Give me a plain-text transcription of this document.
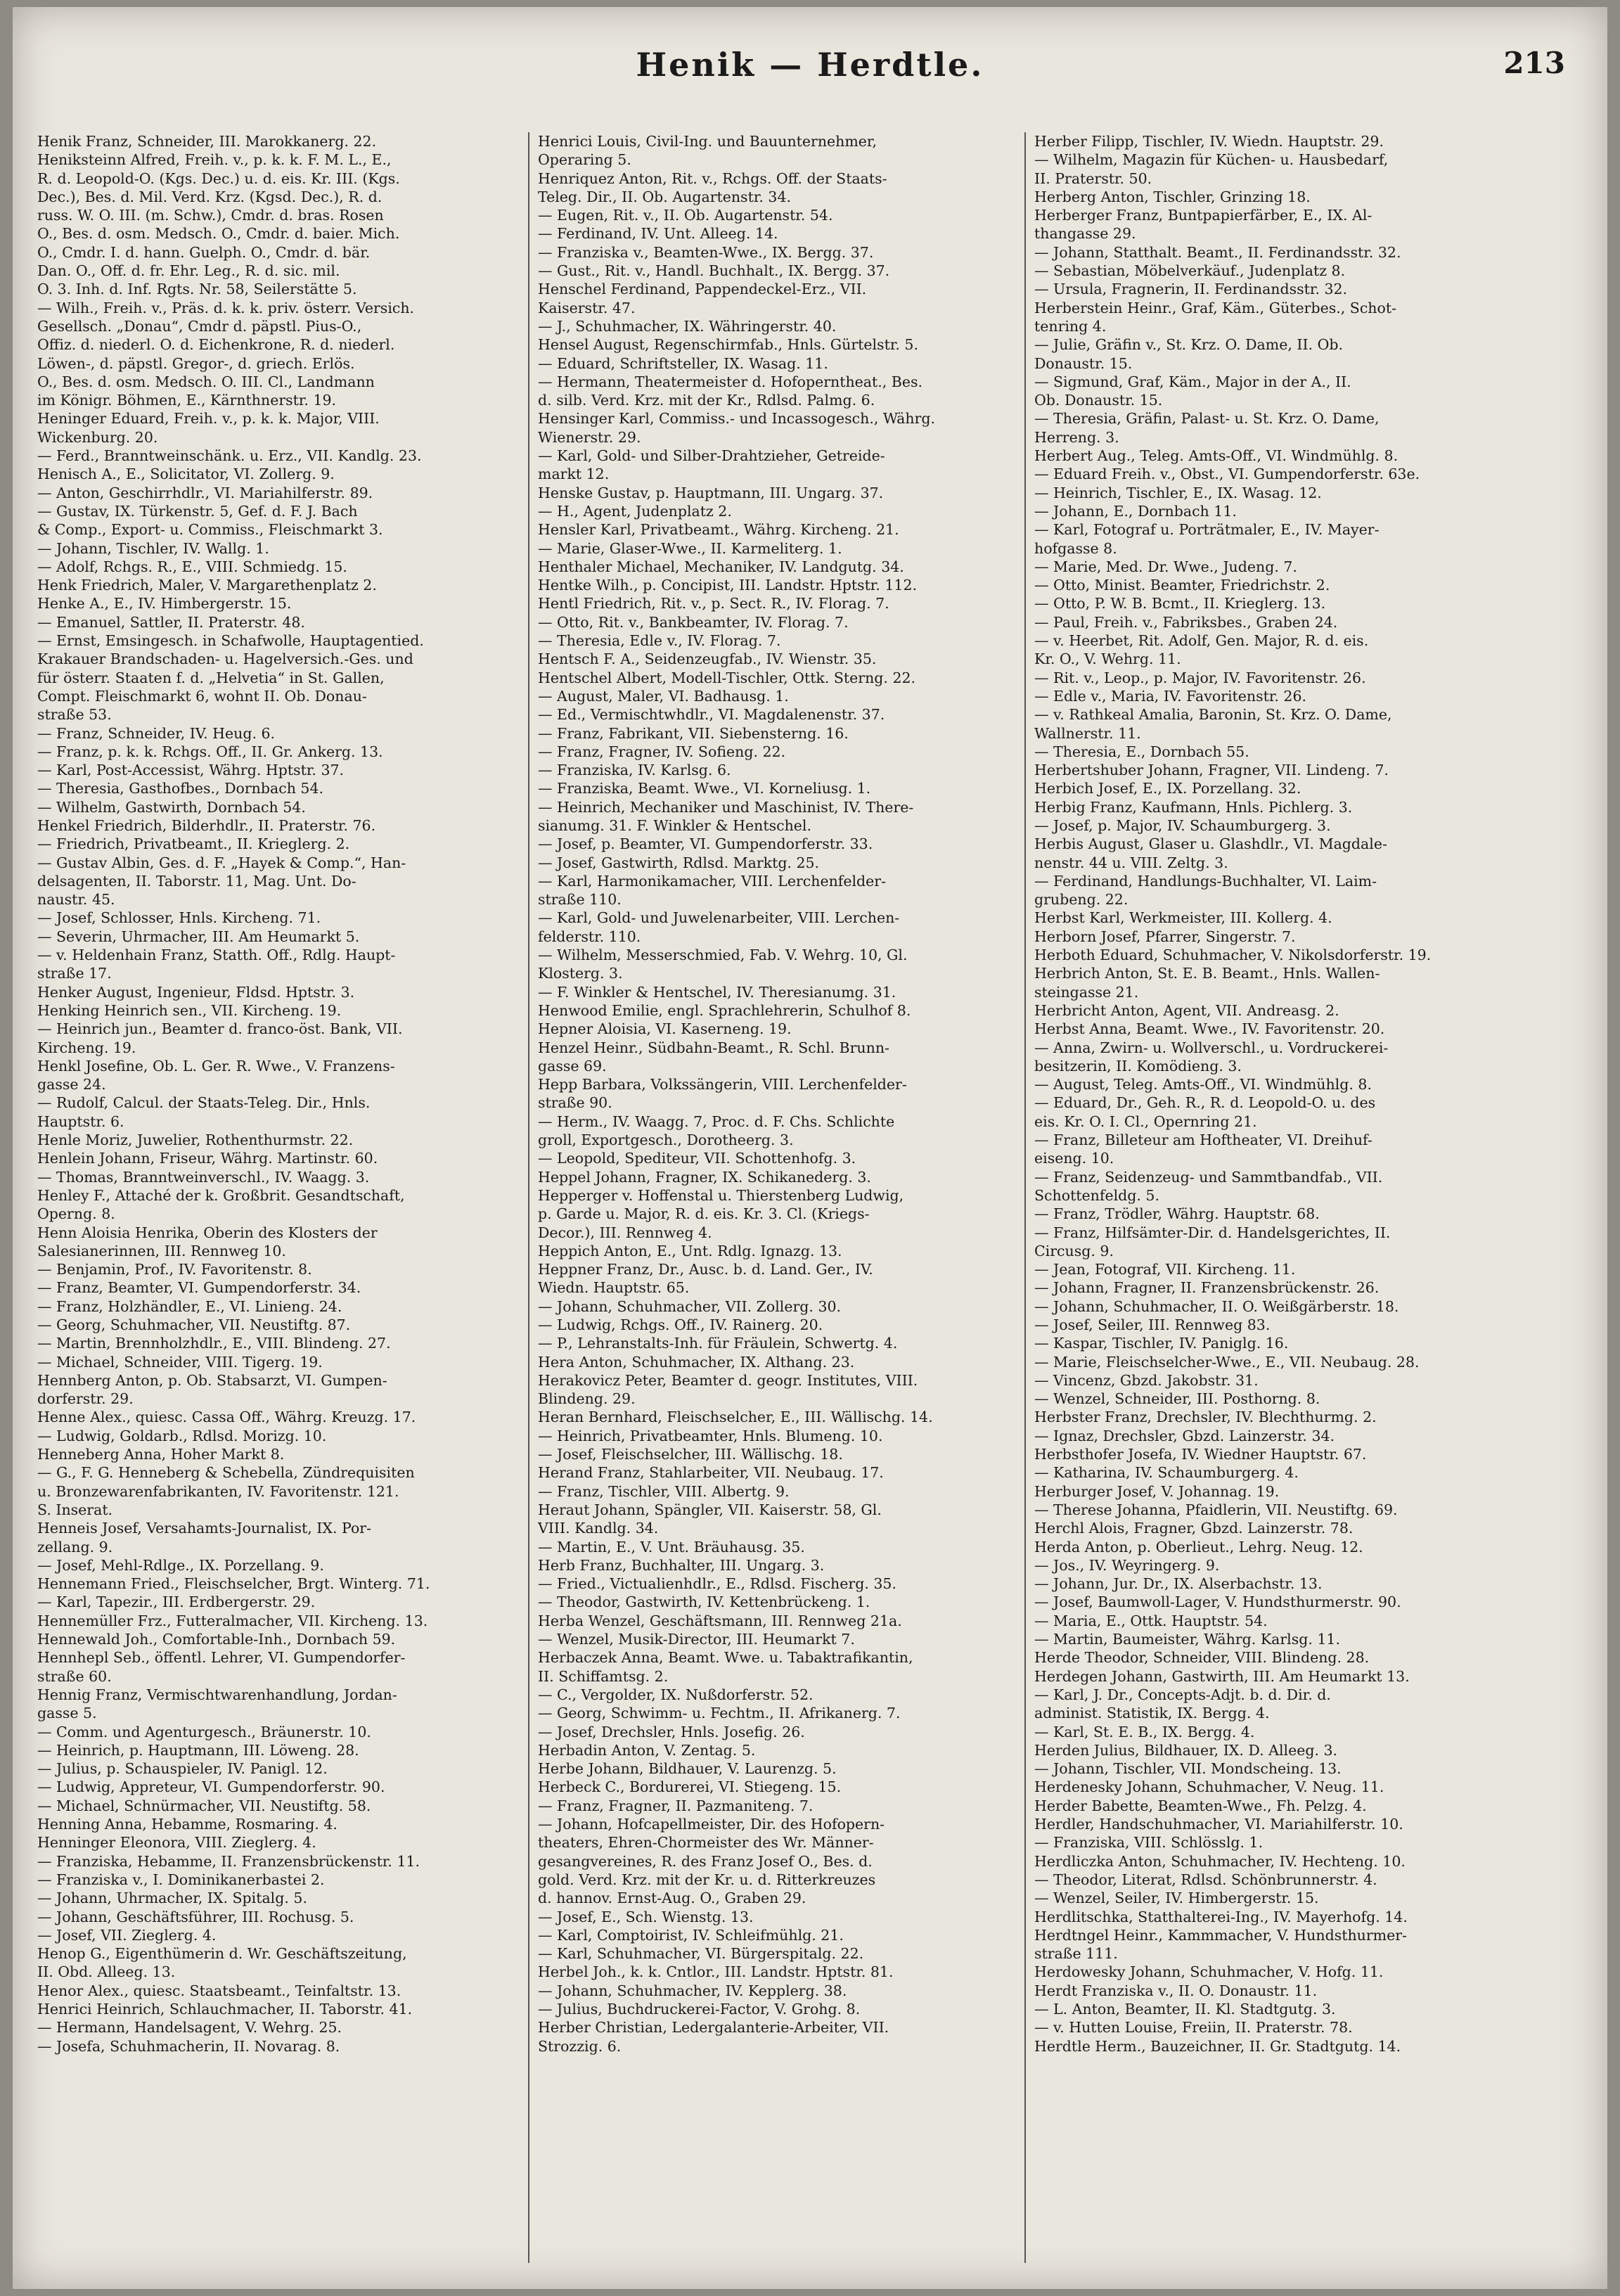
Henik — Herdtle.	213
Henik Franz, Schneider, III. Marokkanerg. 22.
Heniksteinn Alfred, Freih. v., p. k. k. F. M. L., E.,
R. d. Leopold-O. (Kgs. Dec.) u. d. eis. Kr. III. (Kgs.
Dec.), Bes. d. Mil. Verd. Krz. (Kgsd. Dec.), R. d.
russ. W. O. III. (m. Schw.), Cmdr. d. bras. Rosen
O., Bes. d. osm. Medsch. O., Cmdr. d. baier. Mich.
O., Cmdr. I. d. hann. Guelph. O., Cmdr. d. bär.
Dan. O., Off. d. fr. Ehr. Leg., R. d. sic. mil.
O. 3. Inh. d. Inf. Rgts. Nr. 58, Seilerstätte 5.
— Wilh., Freih. v., Präs. d. k. k. priv. österr. Versich.
Gesellsch. „Donau“, Cmdr d. päpstl. Pius-O.,
Offiz. d. niederl. O. d. Eichenkrone, R. d. niederl.
Löwen-, d. päpstl. Gregor-, d. griech. Erlös.
O., Bes. d. osm. Medsch. O. III. Cl., Landmann
im Königr. Böhmen, E., Kärnthnerstr. 19.
Heninger Eduard, Freih. v., p. k. k. Major, VIII.
Wickenburg. 20.
— Ferd., Branntweinschänk. u. Erz., VII. Kandlg. 23.
Henisch A., E., Solicitator, VI. Zollerg. 9.
— Anton, Geschirrhdlr., VI. Mariahilferstr. 89.
— Gustav, IX. Türkenstr. 5, Gef. d. F. J. Bach
& Comp., Export- u. Commiss., Fleischmarkt 3.
— Johann, Tischler, IV. Wallg. 1.
— Adolf, Rchgs. R., E., VIII. Schmiedg. 15.
Henk Friedrich, Maler, V. Margarethenplatz 2.
Henke A., E., IV. Himbergerstr. 15.
— Emanuel, Sattler, II. Praterstr. 48.
— Ernst, Emsingesch. in Schafwolle, Hauptagentied.
Krakauer Brandschaden- u. Hagelversich.-Ges. und
für österr. Staaten f. d. „Helvetia“ in St. Gallen,
Compt. Fleischmarkt 6, wohnt II. Ob. Donau-
straße 53.
— Franz, Schneider, IV. Heug. 6.
— Franz, p. k. k. Rchgs. Off., II. Gr. Ankerg. 13.
— Karl, Post-Accessist, Währg. Hptstr. 37.
— Theresia, Gasthofbes., Dornbach 54.
— Wilhelm, Gastwirth, Dornbach 54.
Henkel Friedrich, Bilderhdlr., II. Praterstr. 76.
— Friedrich, Privatbeamt., II. Krieglerg. 2.
— Gustav Albin, Ges. d. F. „Hayek & Comp.“, Han-
delsagenten, II. Taborstr. 11, Mag. Unt. Do-
naustr. 45.
— Josef, Schlosser, Hnls. Kircheng. 71.
— Severin, Uhrmacher, III. Am Heumarkt 5.
— v. Heldenhain Franz, Statth. Off., Rdlg. Haupt-
straße 17.
Henker August, Ingenieur, Fldsd. Hptstr. 3.
Henking Heinrich sen., VII. Kircheng. 19.
— Heinrich jun., Beamter d. franco-öst. Bank, VII.
Kircheng. 19.
Henkl Josefine, Ob. L. Ger. R. Wwe., V. Franzens-
gasse 24.
— Rudolf, Calcul. der Staats-Teleg. Dir., Hnls.
Hauptstr. 6.
Henle Moriz, Juwelier, Rothenthurmstr. 22.
Henlein Johann, Friseur, Währg. Martinstr. 60.
— Thomas, Branntweinverschl., IV. Waagg. 3.
Henley F., Attaché der k. Großbrit. Gesandtschaft,
Operng. 8.
Henn Aloisia Henrika, Oberin des Klosters der
Salesianerinnen, III. Rennweg 10.
— Benjamin, Prof., IV. Favoritenstr. 8.
— Franz, Beamter, VI. Gumpendorferstr. 34.
— Franz, Holzhändler, E., VI. Linieng. 24.
— Georg, Schuhmacher, VII. Neustiftg. 87.
— Martin, Brennholzhdlr., E., VIII. Blindeng. 27.
— Michael, Schneider, VIII. Tigerg. 19.
Hennberg Anton, p. Ob. Stabsarzt, VI. Gumpen-
dorferstr. 29.
Henne Alex., quiesc. Cassa Off., Währg. Kreuzg. 17.
— Ludwig, Goldarb., Rdlsd. Morizg. 10.
Henneberg Anna, Hoher Markt 8.
— G., F. G. Henneberg & Schebella, Zündrequisiten
u. Bronzewarenfabrikanten, IV. Favoritenstr. 121.
S. Inserat.
Henneis Josef, Versahamts-Journalist, IX. Por-
zellang. 9.
— Josef, Mehl-Rdlge., IX. Porzellang. 9.
Hennemann Fried., Fleischselcher, Brgt. Winterg. 71.
— Karl, Tapezir., III. Erdbergerstr. 29.
Hennemüller Frz., Futteralmacher, VII. Kircheng. 13.
Hennewald Joh., Comfortable-Inh., Dornbach 59.
Hennhepl Seb., öffentl. Lehrer, VI. Gumpendorfer-
straße 60.
Hennig Franz, Vermischtwarenhandlung, Jordan-
gasse 5.
— Comm. und Agenturgesch., Bräunerstr. 10.
— Heinrich, p. Hauptmann, III. Löweng. 28.
— Julius, p. Schauspieler, IV. Panigl. 12.
— Ludwig, Appreteur, VI. Gumpendorferstr. 90.
— Michael, Schnürmacher, VII. Neustiftg. 58.
Henning Anna, Hebamme, Rosmaring. 4.
Henninger Eleonora, VIII. Zieglerg. 4.
— Franziska, Hebamme, II. Franzensbrückenstr. 11.
— Franziska v., I. Dominikanerbastei 2.
— Johann, Uhrmacher, IX. Spitalg. 5.
— Johann, Geschäftsführer, III. Rochusg. 5.
— Josef, VII. Zieglerg. 4.
Henop G., Eigenthümerin d. Wr. Geschäftszeitung,
II. Obd. Alleeg. 13.
Henor Alex., quiesc. Staatsbeamt., Teinfaltstr. 13.
Henrici Heinrich, Schlauchmacher, II. Taborstr. 41.
— Hermann, Handelsagent, V. Wehrg. 25.
— Josefa, Schuhmacherin, II. Novarag. 8.
Henrici Louis, Civil-Ing. und Bauunternehmer,
Operaring 5.
Henriquez Anton, Rit. v., Rchgs. Off. der Staats-
Teleg. Dir., II. Ob. Augartenstr. 34.
— Eugen, Rit. v., II. Ob. Augartenstr. 54.
— Ferdinand, IV. Unt. Alleeg. 14.
— Franziska v., Beamten-Wwe., IX. Bergg. 37.
— Gust., Rit. v., Handl. Buchhalt., IX. Bergg. 37.
Henschel Ferdinand, Pappendeckel-Erz., VII.
Kaiserstr. 47.
— J., Schuhmacher, IX. Währingerstr. 40.
Hensel August, Regenschirmfab., Hnls. Gürtelstr. 5.
— Eduard, Schriftsteller, IX. Wasag. 11.
— Hermann, Theatermeister d. Hofoperntheat., Bes.
d. silb. Verd. Krz. mit der Kr., Rdlsd. Palmg. 6.
Hensinger Karl, Commiss.- und Incassogesch., Währg.
Wienerstr. 29.
— Karl, Gold- und Silber-Drahtzieher, Getreide-
markt 12.
Henske Gustav, p. Hauptmann, III. Ungarg. 37.
— H., Agent, Judenplatz 2.
Hensler Karl, Privatbeamt., Währg. Kircheng. 21.
— Marie, Glaser-Wwe., II. Karmeliterg. 1.
Henthaler Michael, Mechaniker, IV. Landgutg. 34.
Hentke Wilh., p. Concipist, III. Landstr. Hptstr. 112.
Hentl Friedrich, Rit. v., p. Sect. R., IV. Florag. 7.
— Otto, Rit. v., Bankbeamter, IV. Florag. 7.
— Theresia, Edle v., IV. Florag. 7.
Hentsch F. A., Seidenzeugfab., IV. Wienstr. 35.
Hentschel Albert, Modell-Tischler, Ottk. Sterng. 22.
— August, Maler, VI. Badhausg. 1.
— Ed., Vermischtwhdlr., VI. Magdalenenstr. 37.
— Franz, Fabrikant, VII. Siebensterng. 16.
— Franz, Fragner, IV. Sofieng. 22.
— Franziska, IV. Karlsg. 6.
— Franziska, Beamt. Wwe., VI. Korneliusg. 1.
— Heinrich, Mechaniker und Maschinist, IV. There-
sianumg. 31. F. Winkler & Hentschel.
— Josef, p. Beamter, VI. Gumpendorferstr. 33.
— Josef, Gastwirth, Rdlsd. Marktg. 25.
— Karl, Harmonikamacher, VIII. Lerchenfelder-
straße 110.
— Karl, Gold- und Juwelenarbeiter, VIII. Lerchen-
felderstr. 110.
— Wilhelm, Messerschmied, Fab. V. Wehrg. 10, Gl.
Klosterg. 3.
— F. Winkler & Hentschel, IV. Theresianumg. 31.
Henwood Emilie, engl. Sprachlehrerin, Schulhof 8.
Hepner Aloisia, VI. Kaserneng. 19.
Henzel Heinr., Südbahn-Beamt., R. Schl. Brunn-
gasse 69.
Hepp Barbara, Volkssängerin, VIII. Lerchenfelder-
straße 90.
— Herm., IV. Waagg. 7, Proc. d. F. Chs. Schlichte
groll, Exportgesch., Dorotheerg. 3.
— Leopold, Spediteur, VII. Schottenhofg. 3.
Heppel Johann, Fragner, IX. Schikanederg. 3.
Hepperger v. Hoffenstal u. Thierstenberg Ludwig,
p. Garde u. Major, R. d. eis. Kr. 3. Cl. (Kriegs-
Decor.), III. Rennweg 4.
Heppich Anton, E., Unt. Rdlg. Ignazg. 13.
Heppner Franz, Dr., Ausc. b. d. Land. Ger., IV.
Wiedn. Hauptstr. 65.
— Johann, Schuhmacher, VII. Zollerg. 30.
— Ludwig, Rchgs. Off., IV. Rainerg. 20.
— P., Lehranstalts-Inh. für Fräulein, Schwertg. 4.
Hera Anton, Schuhmacher, IX. Althang. 23.
Herakovicz Peter, Beamter d. geogr. Institutes, VIII.
Blindeng. 29.
Heran Bernhard, Fleischselcher, E., III. Wällischg. 14.
— Heinrich, Privatbeamter, Hnls. Blumeng. 10.
— Josef, Fleischselcher, III. Wällischg. 18.
Herand Franz, Stahlarbeiter, VII. Neubaug. 17.
— Franz, Tischler, VIII. Albertg. 9.
Heraut Johann, Spängler, VII. Kaiserstr. 58, Gl.
VIII. Kandlg. 34.
— Martin, E., V. Unt. Bräuhausg. 35.
Herb Franz, Buchhalter, III. Ungarg. 3.
— Fried., Victualienhdlr., E., Rdlsd. Fischerg. 35.
— Theodor, Gastwirth, IV. Kettenbrückeng. 1.
Herba Wenzel, Geschäftsmann, III. Rennweg 21a.
— Wenzel, Musik-Director, III. Heumarkt 7.
Herbaczek Anna, Beamt. Wwe. u. Tabaktrafikantin,
II. Schiffamtsg. 2.
— C., Vergolder, IX. Nußdorferstr. 52.
— Georg, Schwimm- u. Fechtm., II. Afrikanerg. 7.
— Josef, Drechsler, Hnls. Josefig. 26.
Herbadin Anton, V. Zentag. 5.
Herbe Johann, Bildhauer, V. Laurenzg. 5.
Herbeck C., Bordurerei, VI. Stiegeng. 15.
— Franz, Fragner, II. Pazmaniteng. 7.
— Johann, Hofcapellmeister, Dir. des Hofopern-
theaters, Ehren-Chormeister des Wr. Männer-
gesangvereines, R. des Franz Josef O., Bes. d.
gold. Verd. Krz. mit der Kr. u. d. Ritterkreuzes
d. hannov. Ernst-Aug. O., Graben 29.
— Josef, E., Sch. Wienstg. 13.
— Karl, Comptoirist, IV. Schleifmühlg. 21.
— Karl, Schuhmacher, VI. Bürgerspitalg. 22.
Herbel Joh., k. k. Cntlor., III. Landstr. Hptstr. 81.
— Johann, Schuhmacher, IV. Kepplerg. 38.
— Julius, Buchdruckerei-Factor, V. Grohg. 8.
Herber Christian, Ledergalanterie-Arbeiter, VII.
Strozzig. 6.
Herber Filipp, Tischler, IV. Wiedn. Hauptstr. 29.
— Wilhelm, Magazin für Küchen- u. Hausbedarf,
II. Praterstr. 50.
Herberg Anton, Tischler, Grinzing 18.
Herberger Franz, Buntpapierfärber, E., IX. Al-
thangasse 29.
— Johann, Statthalt. Beamt., II. Ferdinandsstr. 32.
— Sebastian, Möbelverkäuf., Judenplatz 8.
— Ursula, Fragnerin, II. Ferdinandsstr. 32.
Herberstein Heinr., Graf, Käm., Güterbes., Schot-
tenring 4.
— Julie, Gräfin v., St. Krz. O. Dame, II. Ob.
Donaustr. 15.
— Sigmund, Graf, Käm., Major in der A., II.
Ob. Donaustr. 15.
— Theresia, Gräfin, Palast- u. St. Krz. O. Dame,
Herreng. 3.
Herbert Aug., Teleg. Amts-Off., VI. Windmühlg. 8.
— Eduard Freih. v., Obst., VI. Gumpendorferstr. 63e.
— Heinrich, Tischler, E., IX. Wasag. 12.
— Johann, E., Dornbach 11.
— Karl, Fotograf u. Porträtmaler, E., IV. Mayer-
hofgasse 8.
— Marie, Med. Dr. Wwe., Judeng. 7.
— Otto, Minist. Beamter, Friedrichstr. 2.
— Otto, P. W. B. Bcmt., II. Krieglerg. 13.
— Paul, Freih. v., Fabriksbes., Graben 24.
— v. Heerbet, Rit. Adolf, Gen. Major, R. d. eis.
Kr. O., V. Wehrg. 11.
— Rit. v., Leop., p. Major, IV. Favoritenstr. 26.
— Edle v., Maria, IV. Favoritenstr. 26.
— v. Rathkeal Amalia, Baronin, St. Krz. O. Dame,
Wallnerstr. 11.
— Theresia, E., Dornbach 55.
Herbertshuber Johann, Fragner, VII. Lindeng. 7.
Herbich Josef, E., IX. Porzellang. 32.
Herbig Franz, Kaufmann, Hnls. Pichlerg. 3.
— Josef, p. Major, IV. Schaumburgerg. 3.
Herbis August, Glaser u. Glashdlr., VI. Magdale-
nenstr. 44 u. VIII. Zeltg. 3.
— Ferdinand, Handlungs-Buchhalter, VI. Laim-
grubeng. 22.
Herbst Karl, Werkmeister, III. Kollerg. 4.
Herborn Josef, Pfarrer, Singerstr. 7.
Herboth Eduard, Schuhmacher, V. Nikolsdorferstr. 19.
Herbrich Anton, St. E. B. Beamt., Hnls. Wallen-
steingasse 21.
Herbricht Anton, Agent, VII. Andreasg. 2.
Herbst Anna, Beamt. Wwe., IV. Favoritenstr. 20.
— Anna, Zwirn- u. Wollverschl., u. Vordruckerei-
besitzerin, II. Komödieng. 3.
— August, Teleg. Amts-Off., VI. Windmühlg. 8.
— Eduard, Dr., Geh. R., R. d. Leopold-O. u. des
eis. Kr. O. I. Cl., Opernring 21.
— Franz, Billeteur am Hoftheater, VI. Dreihuf-
eiseng. 10.
— Franz, Seidenzeug- und Sammtbandfab., VII.
Schottenfeldg. 5.
— Franz, Trödler, Währg. Hauptstr. 68.
— Franz, Hilfsämter-Dir. d. Handelsgerichtes, II.
Circusg. 9.
— Jean, Fotograf, VII. Kircheng. 11.
— Johann, Fragner, II. Franzensbrückenstr. 26.
— Johann, Schuhmacher, II. O. Weißgärberstr. 18.
— Josef, Seiler, III. Rennweg 83.
— Kaspar, Tischler, IV. Paniglg. 16.
— Marie, Fleischselcher-Wwe., E., VII. Neubaug. 28.
— Vincenz, Gbzd. Jakobstr. 31.
— Wenzel, Schneider, III. Posthorng. 8.
Herbster Franz, Drechsler, IV. Blechthurmg. 2.
— Ignaz, Drechsler, Gbzd. Lainzerstr. 34.
Herbsthofer Josefa, IV. Wiedner Hauptstr. 67.
— Katharina, IV. Schaumburgerg. 4.
Herburger Josef, V. Johannag. 19.
— Therese Johanna, Pfaidlerin, VII. Neustiftg. 69.
Herchl Alois, Fragner, Gbzd. Lainzerstr. 78.
Herda Anton, p. Oberlieut., Lehrg. Neug. 12.
— Jos., IV. Weyringerg. 9.
— Johann, Jur. Dr., IX. Alserbachstr. 13.
— Josef, Baumwoll-Lager, V. Hundsthurmerstr. 90.
— Maria, E., Ottk. Hauptstr. 54.
— Martin, Baumeister, Währg. Karlsg. 11.
Herde Theodor, Schneider, VIII. Blindeng. 28.
Herdegen Johann, Gastwirth, III. Am Heumarkt 13.
— Karl, J. Dr., Concepts-Adjt. b. d. Dir. d.
administ. Statistik, IX. Bergg. 4.
— Karl, St. E. B., IX. Bergg. 4.
Herden Julius, Bildhauer, IX. D. Alleeg. 3.
— Johann, Tischler, VII. Mondscheing. 13.
Herdenesky Johann, Schuhmacher, V. Neug. 11.
Herder Babette, Beamten-Wwe., Fh. Pelzg. 4.
Herdler, Handschuhmacher, VI. Mariahilferstr. 10.
— Franziska, VIII. Schlösslg. 1.
Herdliczka Anton, Schuhmacher, IV. Hechteng. 10.
— Theodor, Literat, Rdlsd. Schönbrunnerstr. 4.
— Wenzel, Seiler, IV. Himbergerstr. 15.
Herdlitschka, Statthalterei-Ing., IV. Mayerhofg. 14.
Herdtngel Heinr., Kammmacher, V. Hundsthurmer-
straße 111.
Herdowesky Johann, Schuhmacher, V. Hofg. 11.
Herdt Franziska v., II. O. Donaustr. 11.
— L. Anton, Beamter, II. Kl. Stadtgutg. 3.
— v. Hutten Louise, Freiin, II. Praterstr. 78.
Herdtle Herm., Bauzeichner, II. Gr. Stadtgutg. 14.
